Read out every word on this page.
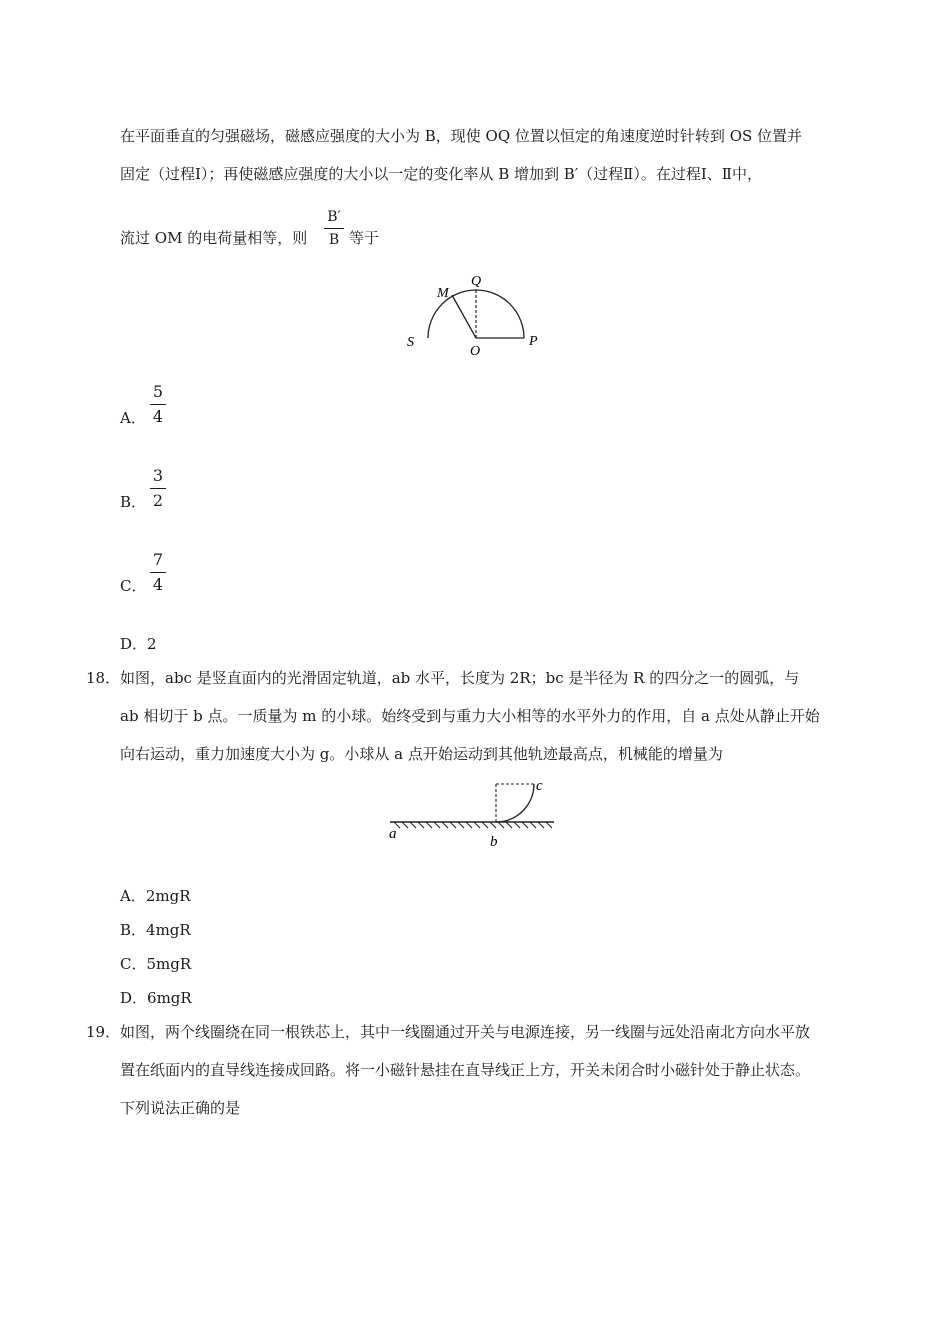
在平面垂直的匀强磁场，磁感应强度的大小为 B，现使 OQ 位置以恒定的角速度逆时针转到 OS 位置并
固定（过程Ⅰ）；再使磁感应强度的大小以一定的变化率从 B 增加到 B′（过程Ⅱ）。在过程Ⅰ、Ⅱ中，
流过 OM 的电荷量相等，则
B′
B 等于
M
Q
S
O
P
A．
5
4
B．
3
2
C．
7
4
D．2
18． 如图，abc 是竖直面内的光滑固定轨道，ab 水平，长度为 2R；bc 是半径为 R 的四分之一的圆弧，与
ab 相切于 b 点。一质量为 m 的小球。始终受到与重力大小相等的水平外力的作用，自 a 点处从静止开始
向右运动，重力加速度大小为 g。小球从 a 点开始运动到其他轨迹最高点，机械能的增量为
a	b
c
A．2mgR
B．4mgR
C．5mgR
D．6mgR
19． 如图，两个线圈绕在同一根铁芯上，其中一线圈通过开关与电源连接，另一线圈与远处沿南北方向水平放
置在纸面内的直导线连接成回路。将一小磁针悬挂在直导线正上方，开关未闭合时小磁针处于静止状态。
下列说法正确的是
